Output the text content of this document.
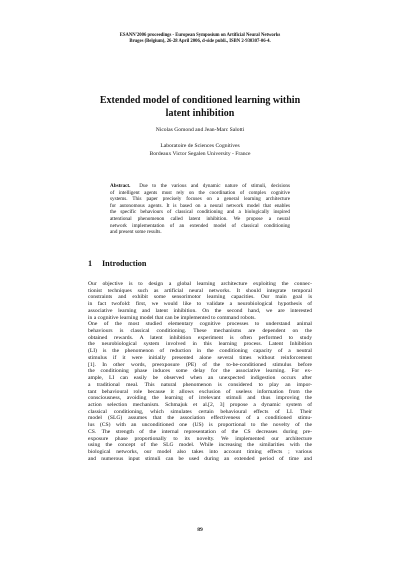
ESANN'2006 proceedings - European Symposium on Artificial Neural Networks
Bruges (Belgium), 26-28 April 2006, d-side publi., ISBN 2-930307-06-4.
Extended model of conditioned learning within
latent inhibition
Nicolas Gomond and Jean-Marc Salotti
Laboratoire de Sciences Cognitives
Bordeaux Victor Segalen University - France
Abstract. Due to the various and dynamic nature of stimuli, decisions
of intelligent agents must rely on the coordination of complex cognitive
systems. This paper precisely focuses on a general learning architecture
for autonomous agents. It is based on a neural network model that enables
the specific behaviours of classical conditioning and a biologically inspired
attentional phenomenon called latent inhibition. We propose a neural
network implementation of an extended model of classical conditioning
and present some results.
1 Introduction
Our objective is to design a global learning architecture exploiting the connec-
tionist techniques such as artificial neural networks. It should integrate temporal
constraints and exhibit some sensorimotor learning capacities. Our main goal is
in fact twofold: first, we would like to validate a neurobiological hypothesis of
associative learning and latent inhibition. On the second hand, we are interested
in a cognitive learning model that can be implemented to command robots.
One of the most studied elementary cognitive processes to understand animal
behaviours is classical conditioning. These mechanisms are dependent on the
obtained rewards. A latent inhibition experiment is often performed to study
the neurobiological system involved in this learning process. Latent Inhibition
(LI) is the phenomenon of reduction in the conditioning capacity of a neutral
stimulus if it were initially presented alone several times without reinforcement
[1]. In other words, preexposure (PE) of the to-be-conditioned stimulus before
the conditioning phase induces some delay for the associative learning. For ex-
ample, LI can easily be observed when an unexpected indigestion occurs after
a traditional meal. This natural phenomenon is considered to play an impor-
tant behavioural role because it allows exclusion of useless information from the
consciousness, avoiding the learning of irrelevant stimuli and thus improving the
action selection mechanism. Schmajuk et al.[2, 3] propose a dynamic system of
classical conditioning, which simulates certain behavioural effects of LI. Their
model (SLG) assumes that the association effectiveness of a conditioned stimu-
lus (CS) with an unconditioned one (US) is proportional to the novelty of the
CS. The strength of the internal representation of the CS decreases during pre-
exposure phase proportionally to its novelty. We implemented our architecture
using the concept of the SLG model. While increasing the similarities with the
biological networks, our model also takes into account timing effects ; various
and numerous input stimuli can be used during an extended period of time and
89
